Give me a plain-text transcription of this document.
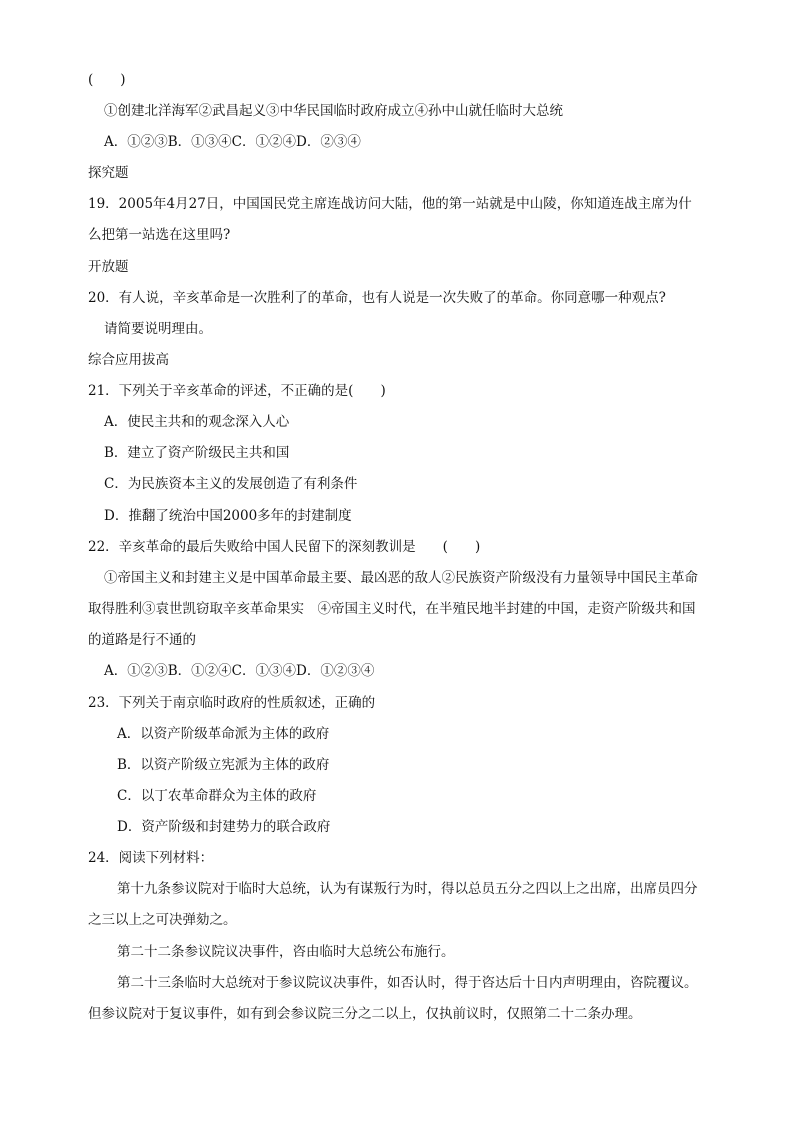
(　　)
①创建北洋海军②武昌起义③中华民国临时政府成立④孙中山就任临时大总统
A．①②③B．①③④C．①②④D．②③④
探究题
19．2005年4月27日，中国国民党主席连战访问大陆，他的第一站就是中山陵，你知道连战主席为什
么把第一站选在这里吗?
开放题
20．有人说，辛亥革命是一次胜利了的革命，也有人说是一次失败了的革命。你同意哪一种观点?
请简要说明理由。
综合应用拔高
21．下列关于辛亥革命的评述，不正确的是(　　)
A．使民主共和的观念深入人心
B．建立了资产阶级民主共和国
C．为民族资本主义的发展创造了有利条件
D．推翻了统治中国2000多年的封建制度
22．辛亥革命的最后失败给中国人民留下的深刻教训是　　(　　)
①帝国主义和封建主义是中国革命最主要、最凶恶的敌人②民族资产阶级没有力量领导中国民主革命
取得胜利③袁世凯窃取辛亥革命果实　④帝国主义时代，在半殖民地半封建的中国，走资产阶级共和国
的道路是行不通的
A．①②③B．①②④C．①③④D．①②③④
23．下列关于南京临时政府的性质叙述，正确的
A．以资产阶级革命派为主体的政府
B．以资产阶级立宪派为主体的政府
C．以丁农革命群众为主体的政府
D．资产阶级和封建势力的联合政府
24．阅读下列材料：
第十九条参议院对于临时大总统，认为有谋叛行为时，得以总员五分之四以上之出席，出席员四分
之三以上之可决弹劾之。
第二十二条参议院议决事件，咨由临时大总统公布施行。
第二十三条临时大总统对于参议院议决事件，如否认时，得于咨达后十日内声明理由，咨院覆议。
但参议院对于复议事件，如有到会参议院三分之二以上，仅执前议时，仅照第二十二条办理。
